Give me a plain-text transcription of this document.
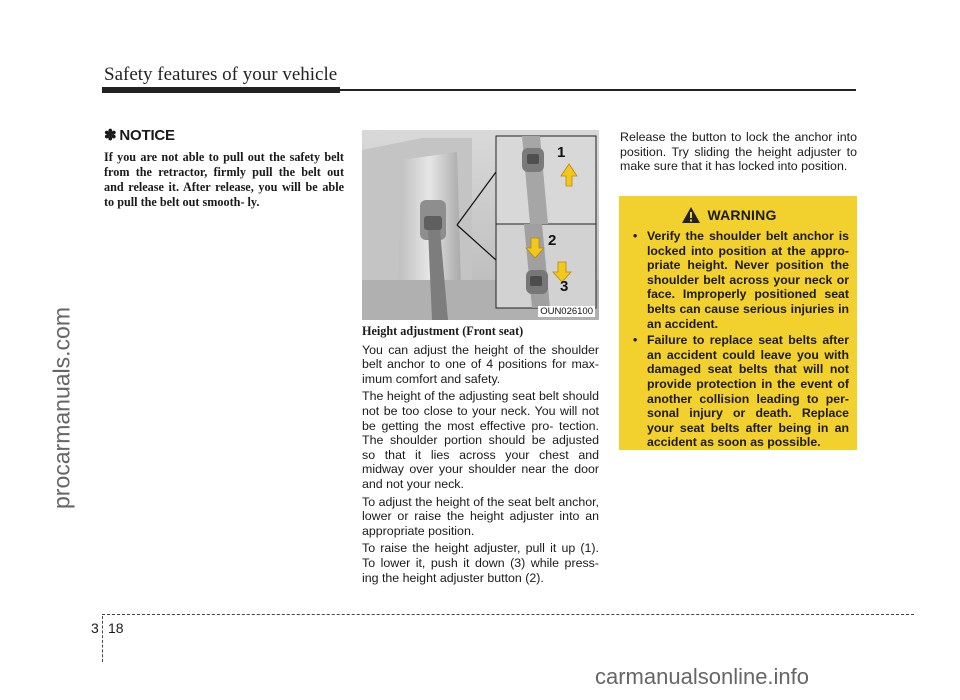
Safety features of your vehicle
procarmanuals.com
carmanualsonline.info
✽ NOTICE
If you are not able to pull out the safety belt from the retractor, firmly pull the belt out and release it. After release, you will be able to pull the belt out smooth- ly.
1
2
3
OUN026100
Height adjustment (Front seat)

You can adjust the height of the shoulder belt anchor to one of 4 positions for max- imum comfort and safety.

The height of the adjusting seat belt should not be too close to your neck. You will not be getting the most effective pro- tection. The shoulder portion should be adjusted so that it lies across your chest and midway over your shoulder near the door and not your neck.

To adjust the height of the seat belt anchor, lower or raise the height adjuster into an appropriate position.

To raise the height adjuster, pull it up (1). To lower it, push it down (3) while press- ing the height adjuster button (2).

Release the button to lock the anchor into position. Try sliding the height adjuster to make sure that it has locked into position.

WARNING
• Verify the shoulder belt anchor is locked into position at the appro- priate height. Never position the shoulder belt across your neck or face. Improperly positioned seat belts can cause serious injuries in an accident.
• Failure to replace seat belts after an accident could leave you with damaged seat belts that will not provide protection in the event of another collision leading to per- sonal injury or death. Replace your seat belts after being in an accident as soon as possible.
3 18
